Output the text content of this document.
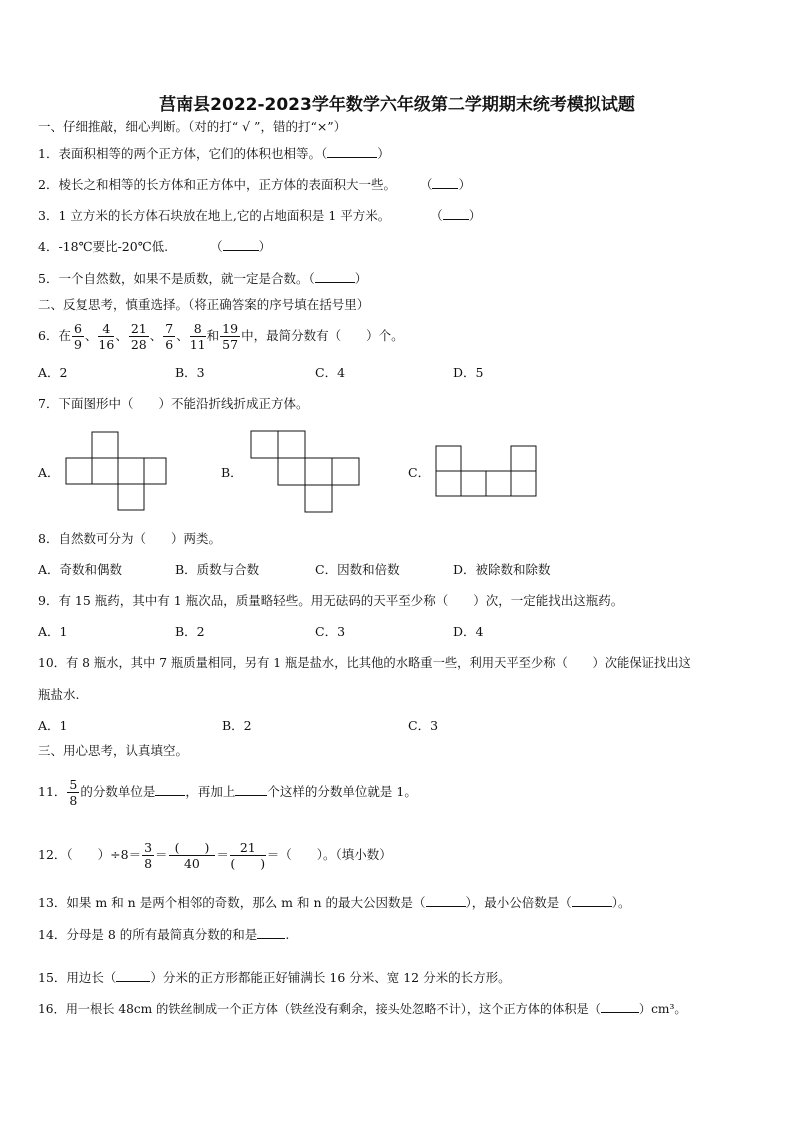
莒南县2022-2023学年数学六年级第二学期期末统考模拟试题
一、仔细推敲，细心判断。（对的打“ √ ”，错的打“×”）
1．表面积相等的两个正方体，它们的体积也相等。（	）
2．棱长之和相等的长方体和正方体中，正方体的表面积大一些。 （ ）
3．1 立方米的长方体石块放在地上,它的占地面积是 1 平方米。	（ ）
4．-18℃要比-20℃低.	（	）
5．一个自然数，如果不是质数，就一定是合数。（	）
二、反复思考，慎重选择。（将正确答案的序号填在括号里）
6．在 $\frac{6}{9}$ 、 $\frac{4}{16}$ 、 $\frac{21}{28}$ 、 $\frac{7}{6}$ 、 $\frac{8}{11}$ 和 $\frac{19}{57}$ 中，最简分数有（　　）个。
A．2	B．3	C．4	D．5
7．下面图形中（　　）不能沿折线折成正方体。
A．	B．	C．
8．自然数可分为（　　）两类。
A．奇数和偶数	B．质数与合数	C．因数和倍数	D．被除数和除数
9．有 15 瓶药，其中有 1 瓶次品，质量略轻些。用无砝码的天平至少称（　　）次，一定能找出这瓶药。
A．1	B．2	C．3	D．4
10．有 8 瓶水，其中 7 瓶质量相同，另有 1 瓶是盐水，比其他的水略重一些，利用天平至少称（　　）次能保证找出这
瓶盐水.
A．1	B．2	C．3
三、用心思考，认真填空。
11． $\frac{5}{8}$ 的分数单位是 ，再加上	个这样的分数单位就是 1。
12．（　　）$\div 8= \frac{3}{8} = \frac{( )}{40} = \frac{21}{( )}$ ＝（　　）。（填小数）
13．如果 m 和 n 是两个相邻的奇数，那么 m 和 n 的最大公因数是（	），最小公倍数是（	）。
14．分母是 8 的所有最简真分数的和是 .
15．用边长（	）分米的正方形都能正好铺满长 16 分米、宽 12 分米的长方形。
16．用一根长 48cm 的铁丝制成一个正方体（铁丝没有剩余，接头处忽略不计），这个正方体的体积是（	）cm³。
